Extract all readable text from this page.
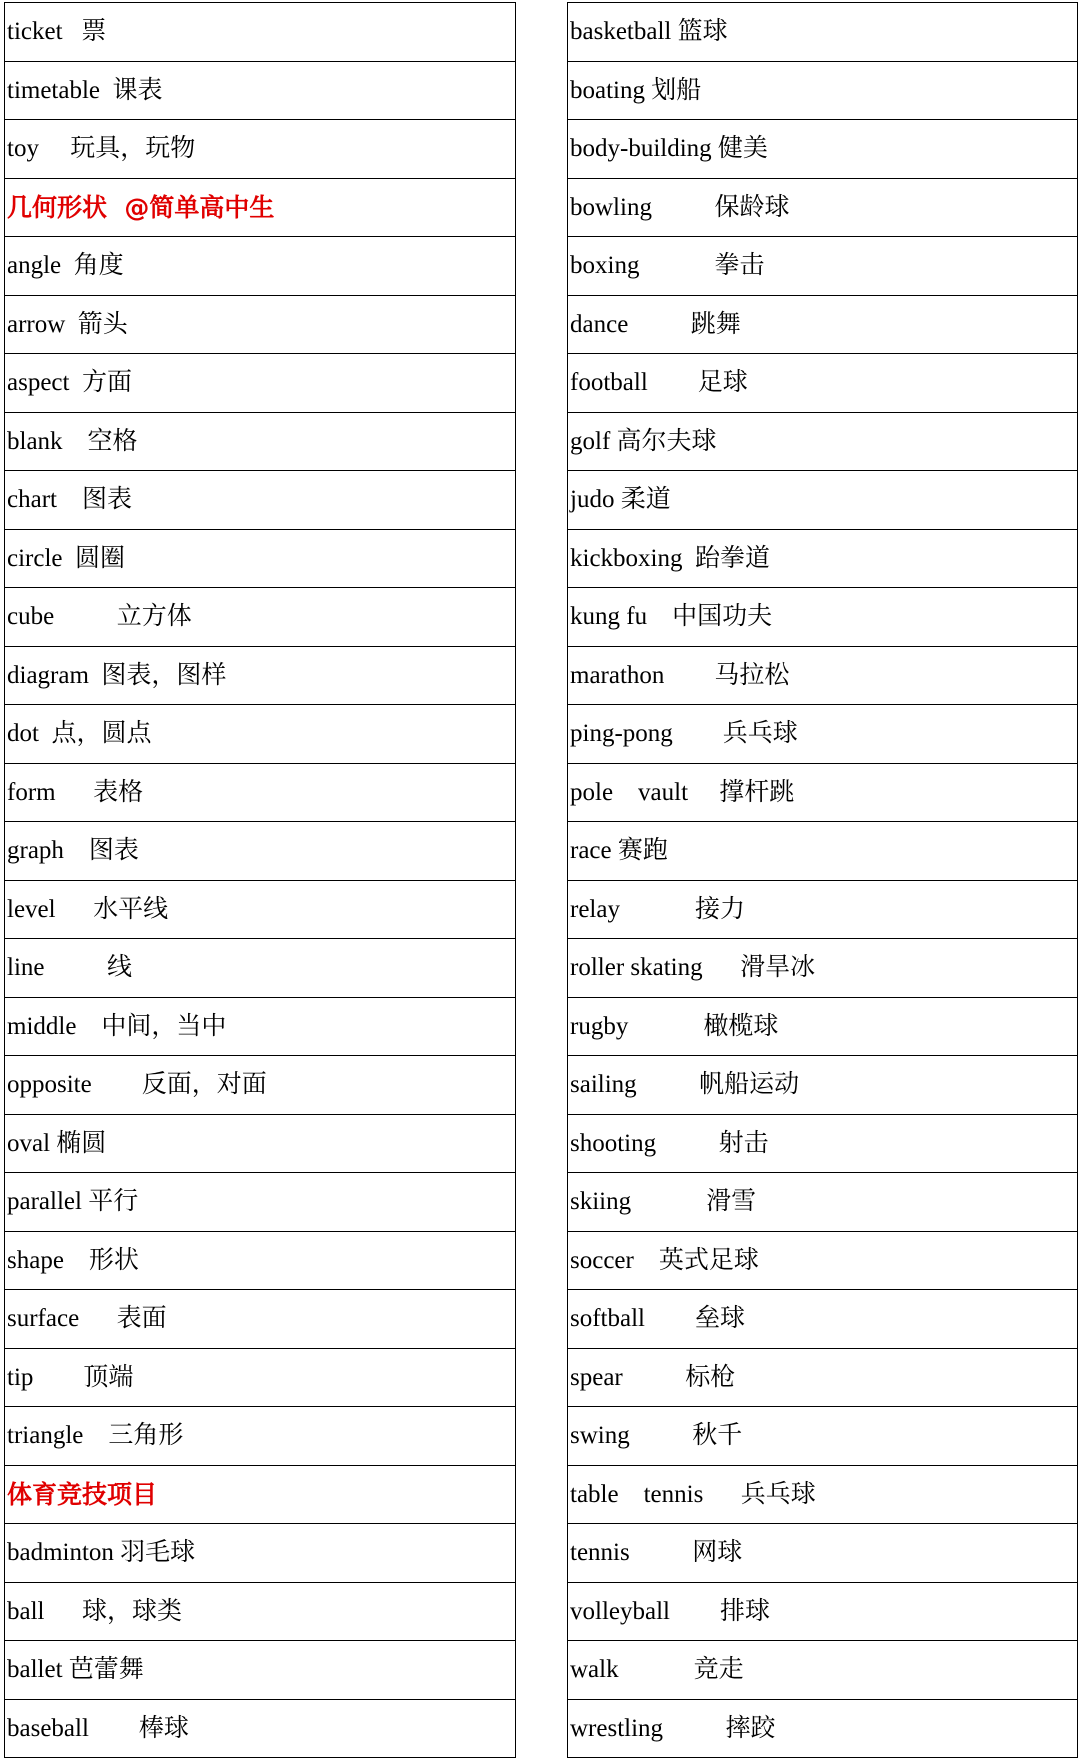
ticket   票
timetable  课表
toy     玩具，玩物
几何形状  @简单高中生
angle  角度
arrow  箭头
aspect  方面
blank    空格
chart    图表
circle  圆圈
cube          立方体
diagram  图表，图样
dot  点，圆点
form      表格
graph    图表
level      水平线
line          线
middle    中间，当中
opposite        反面，对面
oval 椭圆
parallel 平行
shape    形状
surface      表面
tip        顶端
triangle    三角形
体育竞技项目
badminton 羽毛球
ball      球，球类
ballet 芭蕾舞
baseball        棒球
basketball 篮球
boating 划船
body-building 健美
bowling          保龄球
boxing            拳击
dance          跳舞
football        足球
golf 高尔夫球
judo 柔道
kickboxing  跆拳道
kung fu    中国功夫
marathon        马拉松
ping-pong        兵乓球
pole    vault     撑杆跳
race 赛跑
relay            接力
roller skating      滑旱冰
rugby            橄榄球
sailing          帆船运动
shooting          射击
skiing            滑雪
soccer    英式足球
softball        垒球
spear          标枪
swing          秋千
table    tennis      兵乓球
tennis          网球
volleyball        排球
walk            竞走
wrestling          摔跤
